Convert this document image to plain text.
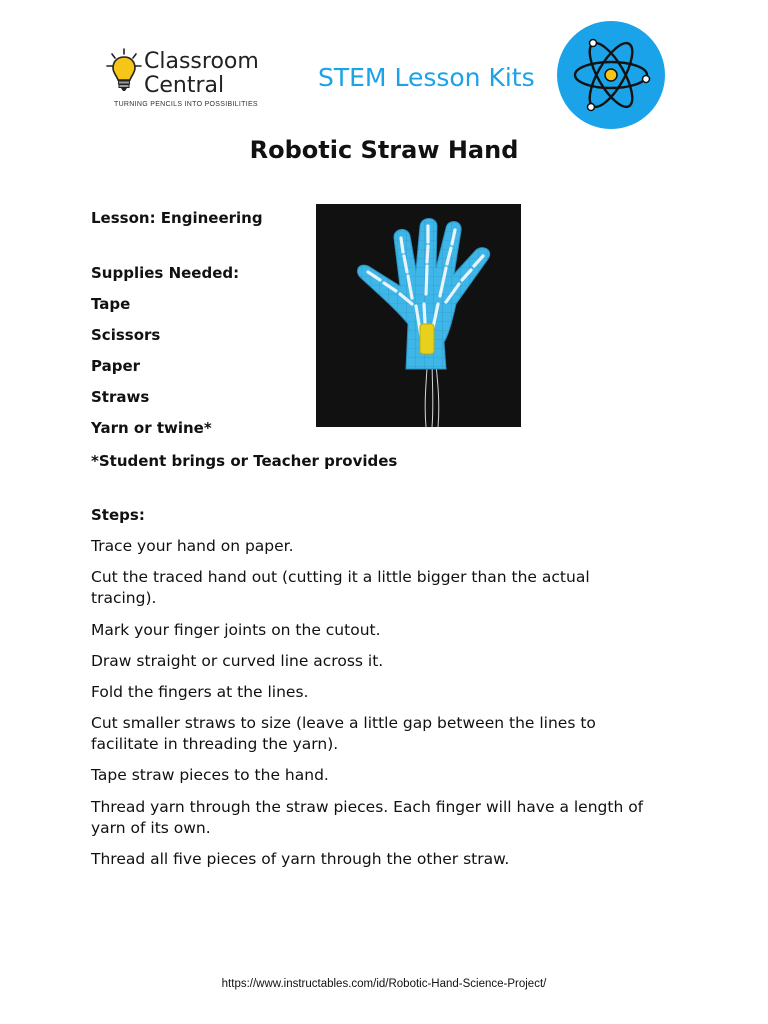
Classroom
Central
TURNING PENCILS INTO POSSIBILITIES
STEM Lesson Kits
Robotic Straw Hand
Lesson: Engineering
Supplies Needed:
Tape
Scissors
Paper
Straws
Yarn or twine*
*Student brings or Teacher provides
Steps:
Trace your hand on paper.
Cut the traced hand out (cutting it a little bigger than the actual tracing).
Mark your finger joints on the cutout.
Draw straight or curved line across it.
Fold the fingers at the lines.
Cut smaller straws to size (leave a little gap between the lines to facilitate in threading the yarn).
Tape straw pieces to the hand.
Thread yarn through the straw pieces. Each finger will have a length of yarn of its own.
Thread all five pieces of yarn through the other straw.
https://www.instructables.com/id/Robotic-Hand-Science-Project/
